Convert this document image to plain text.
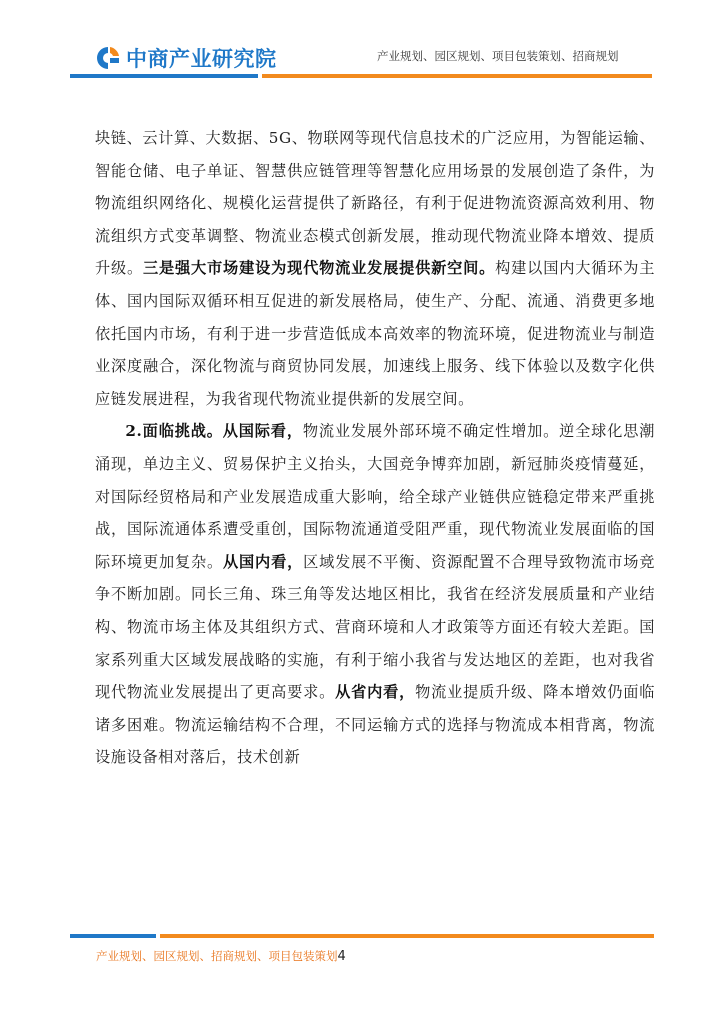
中商产业研究院	产业规划、园区规划、项目包装策划、招商规划

块链、云计算、大数据、5G、物联网等现代信息技术的广泛应用，为智能运输、智能仓储、电子单证、智慧供应链管理等智慧化应用场景的发展创造了条件，为物流组织网络化、规模化运营提供了新路径，有利于促进物流资源高效利用、物流组织方式变革调整、物流业态模式创新发展，推动现代物流业降本增效、提质升级。三是强大市场建设为现代物流业发展提供新空间。构建以国内大循环为主体、国内国际双循环相互促进的新发展格局，使生产、分配、流通、消费更多地依托国内市场，有利于进一步营造低成本高效率的物流环境，促进物流业与制造业深度融合，深化物流与商贸协同发展，加速线上服务、线下体验以及数字化供应链发展进程，为我省现代物流业提供新的发展空间。

2.面临挑战。从国际看，物流业发展外部环境不确定性增加。逆全球化思潮涌现，单边主义、贸易保护主义抬头，大国竞争博弈加剧，新冠肺炎疫情蔓延，对国际经贸格局和产业发展造成重大影响，给全球产业链供应链稳定带来严重挑战，国际流通体系遭受重创，国际物流通道受阻严重，现代物流业发展面临的国际环境更加复杂。从国内看，区域发展不平衡、资源配置不合理导致物流市场竞争不断加剧。同长三角、珠三角等发达地区相比，我省在经济发展质量和产业结构、物流市场主体及其组织方式、营商环境和人才政策等方面还有较大差距。国家系列重大区域发展战略的实施，有利于缩小我省与发达地区的差距，也对我省现代物流业发展提出了更高要求。从省内看，物流业提质升级、降本增效仍面临诸多困难。物流运输结构不合理，不同运输方式的选择与物流成本相背离，物流设施设备相对落后，技术创新

产业规划、园区规划、招商规划、项目包装策划4
